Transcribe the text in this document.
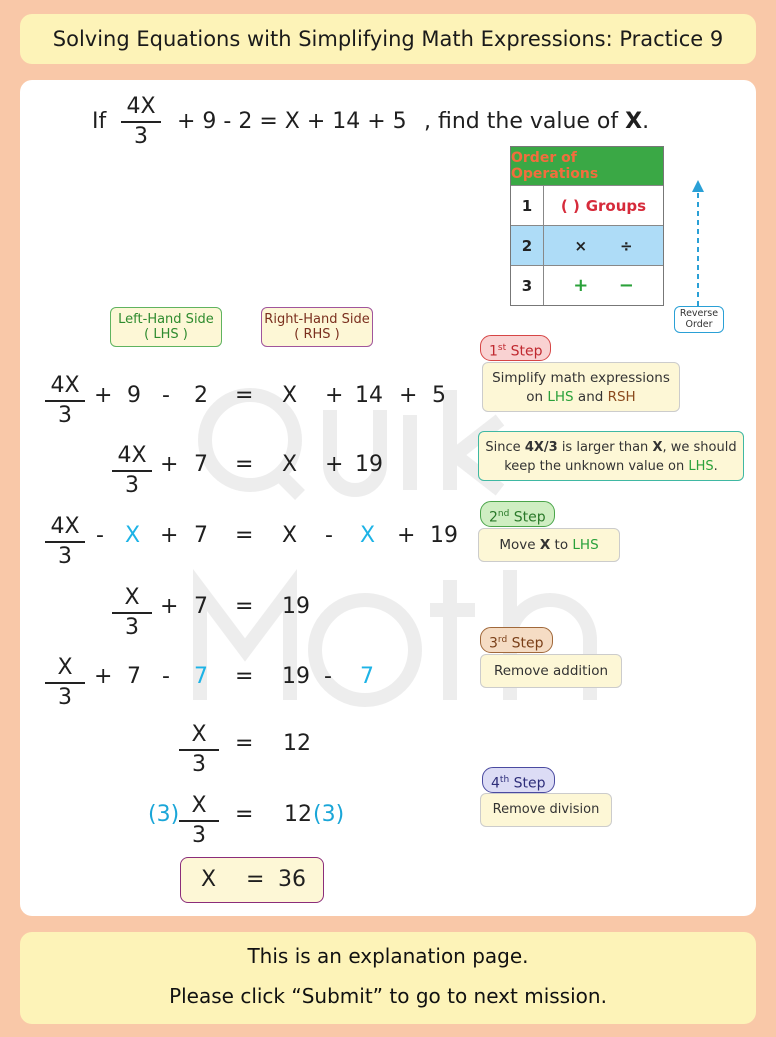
Solving Equations with Simplifying Math Expressions: Practice 9
If $\frac{4X}{3} + 9 - 2 = X + 14 + 5$ , find the value of X.
Order of Operations
1	( ) Groups
2	× ÷
3	+ −
Reverse
Order
Left-Hand Side
( LHS )
Right-Hand Side
( RHS )
1st Step
Simplify math expressions
on LHS and RSH
Since 4X/3 is larger than X, we should
keep the unknown value on LHS.
2nd Step
Move X to LHS
3rd Step
Remove addition
4th Step
Remove division
$\frac{4X}{3} + 9 - 2 = X + 14 + 5$
$\frac{4X}{3} + 7 = X + 19$
$\frac{4X}{3} - X + 7 = X - X + 19$
$\frac{X}{3} + 7 = 19$
$\frac{X}{3} + 7 - 7 = 19 - 7$
$\frac{X}{3} = 12$
$(3) \frac{X}{3} = 12$ (3)
X = 36
This is an explanation page.
Please click “Submit” to go to next mission.
